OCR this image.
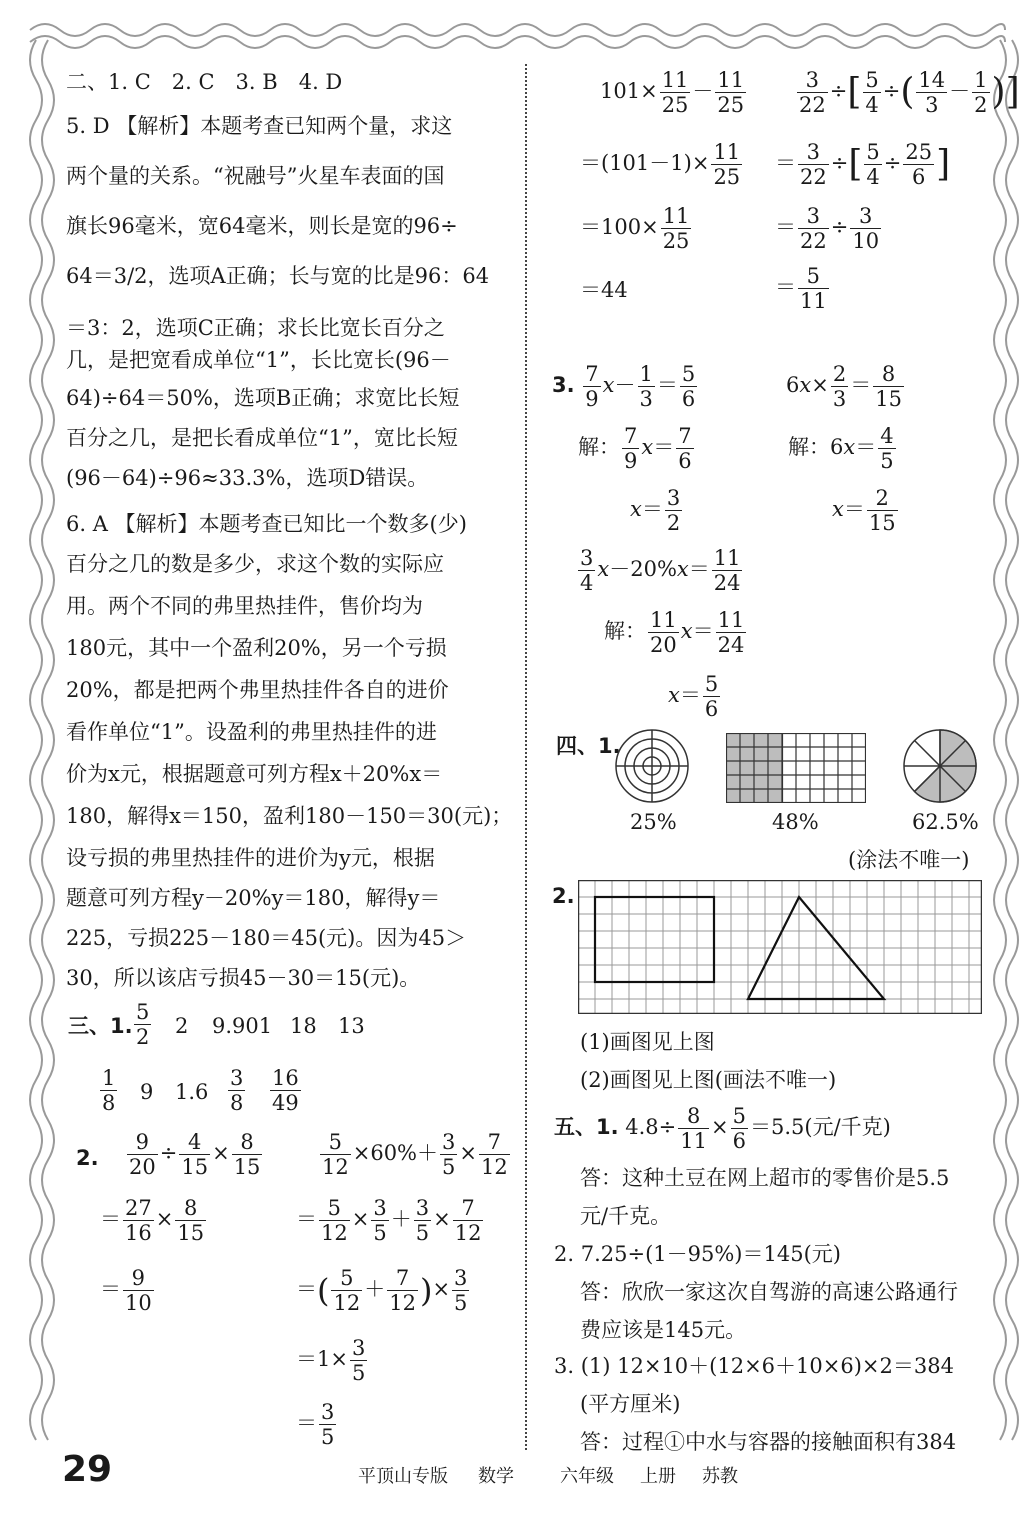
二、1. C　2. C　3. B　4. D
5. D 【解析】本题考查已知两个量，求这
两个量的关系。“祝融号”火星车表面的国
旗长96毫米，宽64毫米，则长是宽的96÷
64＝3/2，选项A正确；长与宽的比是96：64
＝3：2，选项C正确；求长比宽长百分之
几，是把宽看成单位“1”，长比宽长(96－
64)÷64＝50%，选项B正确；求宽比长短
百分之几，是把长看成单位“1”，宽比长短
(96－64)÷96≈33.3%，选项D错误。
6. A 【解析】本题考查已知比一个数多(少)
百分之几的数是多少，求这个数的实际应
用。两个不同的弗里热挂件，售价均为
180元，其中一个盈利20%，另一个亏损
20%，都是把两个弗里热挂件各自的进价
看作单位“1”。设盈利的弗里热挂件的进
价为x元，根据题意可列方程x＋20%x＝
180，解得x＝150，盈利180－150＝30(元)；
设亏损的弗里热挂件的进价为y元，根据
题意可列方程y－20%y＝180，解得y＝
225，亏损225－180＝45(元)。因为45＞
30，所以该店亏损45－30＝15(元)。
三、1. $\frac{5}{2} 2$ 9.901 18 13
$\frac{1}{8} 9$ $1.6 \frac{3}{8} \frac{16}{49}$
2. $\frac{9}{20} \div \frac{4}{15} \times \frac{8}{15}$
＝ $\frac{27}{16} \times \frac{8}{15}$
＝ $\frac{9}{10}$
$\frac{5}{12} \times 60\%+ \frac{3}{5} \times \frac{7}{12}$
＝ $\frac{5}{12} \times \frac{3}{5} + \frac{3}{5} \times \frac{7}{12}$
＝( $\frac{5}{12} + \frac{7}{12}$ )× $\frac{3}{5}$
$=1\times \frac{3}{5}$
＝ $\frac{3}{5}$
$101\times \frac{11}{25} - \frac{11}{25}$
$=(101-1)\times \frac{11}{25}$
$=100\times \frac{11}{25}$
＝44
$\frac{3}{22}$ ÷[ $\frac{5}{4}$ ÷( $\frac{14}{3} - \frac{1}{2}$ )]
＝ $\frac{3}{22}$ ÷[ $\frac{5}{4} \div \frac{25}{6}$ ]
＝ $\frac{3}{22} \div \frac{3}{10}$
＝ $\frac{5}{11}$
3. $\frac{7}{9} x- \frac{1}{3} = \frac{5}{6}$
解： $\frac{7}{9} x= \frac{7}{6}$
$x= \frac{3}{2}$
$6x\times \frac{2}{3} = \frac{8}{15}$
解：$6x= \frac{4}{5}$
$x= \frac{2}{15}$
$\frac{3}{4} x-20\%x= \frac{11}{24}$
解： $\frac{11}{20} x= \frac{11}{24}$
$x= \frac{5}{6}$
四、1.
25%	48%	62.5%
(涂法不唯一)
2.
(1)画图见上图
(2)画图见上图(画法不唯一)
五、1. $4.8\div \frac{8}{11} \times \frac{5}{6} =5.5$(元/千克)
答：这种土豆在网上超市的零售价是5.5
元/千克。
2. 7.25÷(1－95%)＝145(元)
答：欣欣一家这次自驾游的高速公路通行
费应该是145元。
3. (1) 12×10＋(12×6＋10×6)×2＝384
(平方厘米)
答：过程①中水与容器的接触面积有384
29	平顶山专版 数学	六年级 上册 苏教
